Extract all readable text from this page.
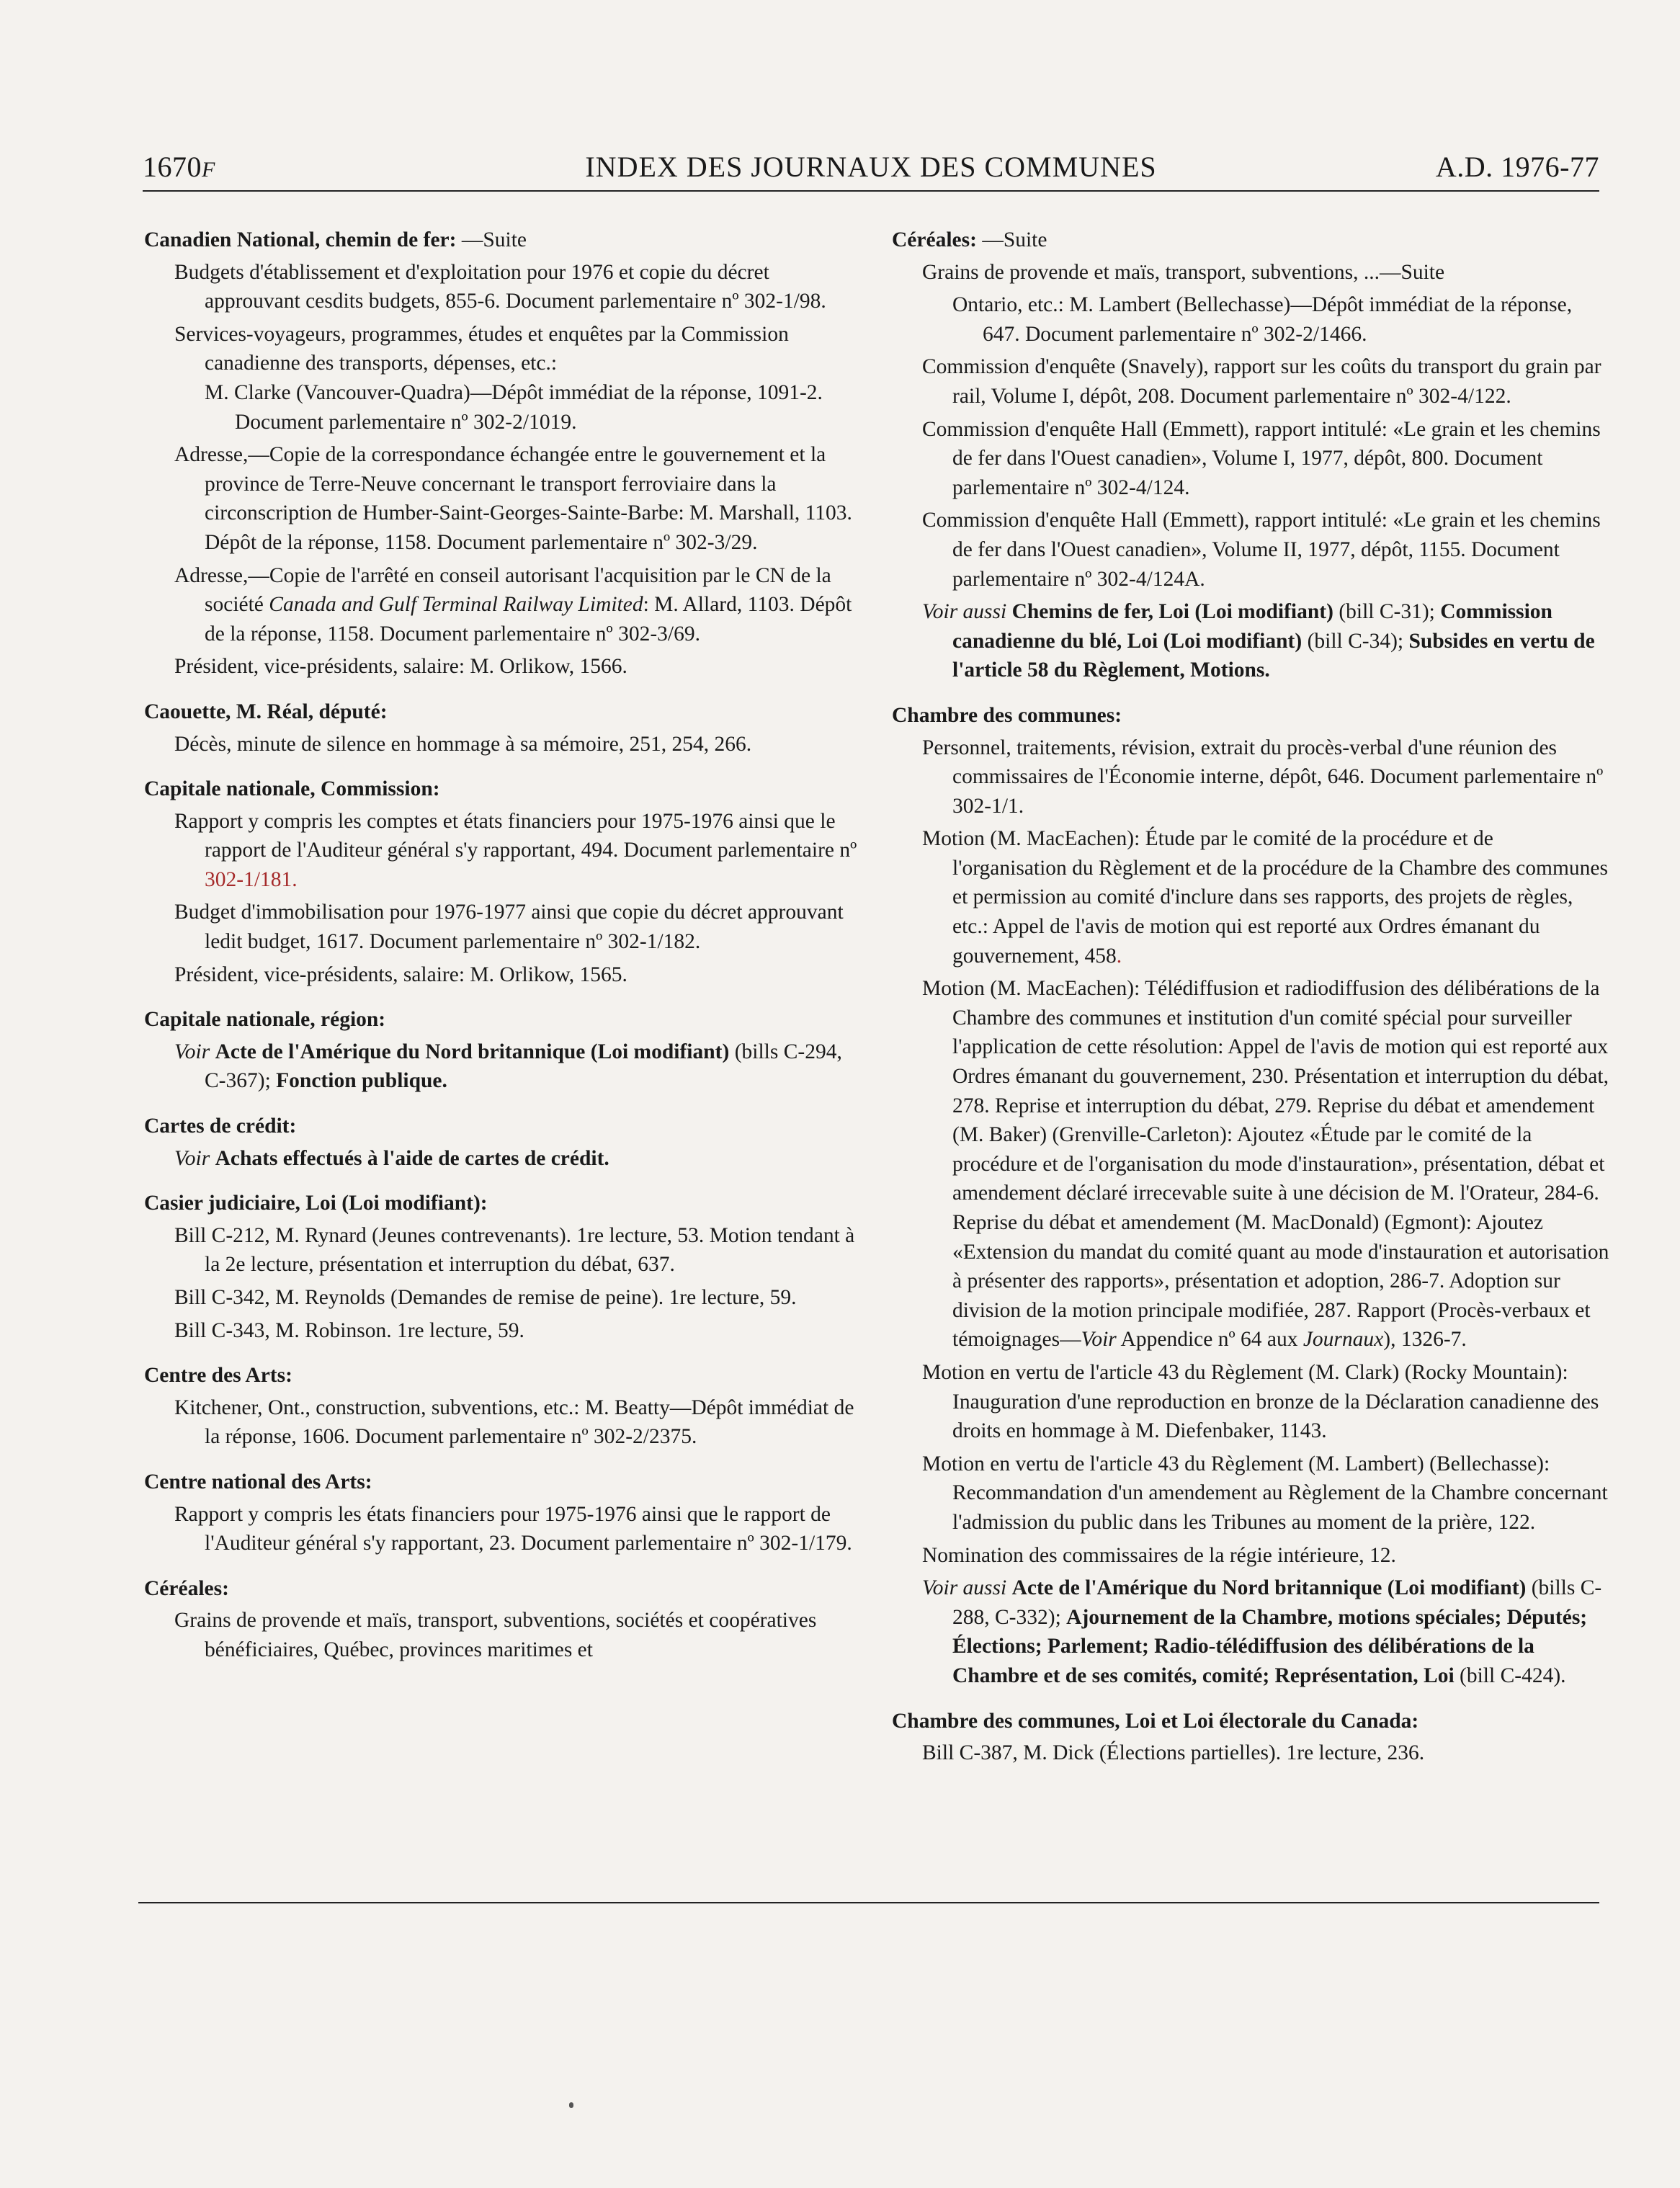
1670F	INDEX DES JOURNAUX DES COMMUNES	A.D. 1976-77
Canadien National, chemin de fer: —Suite
Budgets d'établissement et d'exploitation pour 1976 et copie du décret approuvant cesdits budgets, 855-6. Document parlementaire nº 302-1/98.
Services-voyageurs, programmes, études et enquêtes par la Commission canadienne des transports, dépenses, etc.:
M. Clarke (Vancouver-Quadra)—Dépôt immédiat de la réponse, 1091-2. Document parlementaire nº 302-2/1019.
Adresse,—Copie de la correspondance échangée entre le gouvernement et la province de Terre-Neuve concernant le transport ferroviaire dans la circonscription de Humber-Saint-Georges-Sainte-Barbe: M. Marshall, 1103. Dépôt de la réponse, 1158. Document parlementaire nº 302-3/29.
Adresse,—Copie de l'arrêté en conseil autorisant l'acquisition par le CN de la société Canada and Gulf Terminal Railway Limited: M. Allard, 1103. Dépôt de la réponse, 1158. Document parlementaire nº 302-3/69.
Président, vice-présidents, salaire: M. Orlikow, 1566.
Caouette, M. Réal, député:
Décès, minute de silence en hommage à sa mémoire, 251, 254, 266.
Capitale nationale, Commission:
Rapport y compris les comptes et états financiers pour 1975-1976 ainsi que le rapport de l'Auditeur général s'y rapportant, 494. Document parlementaire nº 302-1/181.
Budget d'immobilisation pour 1976-1977 ainsi que copie du décret approuvant ledit budget, 1617. Document parlementaire nº 302-1/182.
Président, vice-présidents, salaire: M. Orlikow, 1565.
Capitale nationale, région:
Voir Acte de l'Amérique du Nord britannique (Loi modifiant) (bills C-294, C-367); Fonction publique.
Cartes de crédit:
Voir Achats effectués à l'aide de cartes de crédit.
Casier judiciaire, Loi (Loi modifiant):
Bill C-212, M. Rynard (Jeunes contrevenants). 1re lecture, 53. Motion tendant à la 2e lecture, présentation et interruption du débat, 637.
Bill C-342, M. Reynolds (Demandes de remise de peine). 1re lecture, 59.
Bill C-343, M. Robinson. 1re lecture, 59.
Centre des Arts:
Kitchener, Ont., construction, subventions, etc.: M. Beatty—Dépôt immédiat de la réponse, 1606. Document parlementaire nº 302-2/2375.
Centre national des Arts:
Rapport y compris les états financiers pour 1975-1976 ainsi que le rapport de l'Auditeur général s'y rapportant, 23. Document parlementaire nº 302-1/179.
Céréales:
Grains de provende et maïs, transport, subventions, sociétés et coopératives bénéficiaires, Québec, provinces maritimes et
Céréales: —Suite
Grains de provende et maïs, transport, subventions, ...—Suite
Ontario, etc.: M. Lambert (Bellechasse)—Dépôt immédiat de la réponse, 647. Document parlementaire nº 302-2/1466.
Commission d'enquête (Snavely), rapport sur les coûts du transport du grain par rail, Volume I, dépôt, 208. Document parlementaire nº 302-4/122.
Commission d'enquête Hall (Emmett), rapport intitulé: «Le grain et les chemins de fer dans l'Ouest canadien», Volume I, 1977, dépôt, 800. Document parlementaire nº 302-4/124.
Commission d'enquête Hall (Emmett), rapport intitulé: «Le grain et les chemins de fer dans l'Ouest canadien», Volume II, 1977, dépôt, 1155. Document parlementaire nº 302-4/124A.
Voir aussi Chemins de fer, Loi (Loi modifiant) (bill C-31); Commission canadienne du blé, Loi (Loi modifiant) (bill C-34); Subsides en vertu de l'article 58 du Règlement, Motions.
Chambre des communes:
Personnel, traitements, révision, extrait du procès-verbal d'une réunion des commissaires de l'Économie interne, dépôt, 646. Document parlementaire nº 302-1/1.
Motion (M. MacEachen): Étude par le comité de la procédure et de l'organisation du Règlement et de la procédure de la Chambre des communes et permission au comité d'inclure dans ses rapports, des projets de règles, etc.: Appel de l'avis de motion qui est reporté aux Ordres émanant du gouvernement, 458.
Motion (M. MacEachen): Télédiffusion et radiodiffusion des délibérations de la Chambre des communes et institution d'un comité spécial pour surveiller l'application de cette résolution: Appel de l'avis de motion qui est reporté aux Ordres émanant du gouvernement, 230. Présentation et interruption du débat, 278. Reprise et interruption du débat, 279. Reprise du débat et amendement (M. Baker) (Grenville-Carleton): Ajoutez «Étude par le comité de la procédure et de l'organisation du mode d'instauration», présentation, débat et amendement déclaré irrecevable suite à une décision de M. l'Orateur, 284-6. Reprise du débat et amendement (M. MacDonald) (Egmont): Ajoutez «Extension du mandat du comité quant au mode d'instauration et autorisation à présenter des rapports», présentation et adoption, 286-7. Adoption sur division de la motion principale modifiée, 287. Rapport (Procès-verbaux et témoignages—Voir Appendice nº 64 aux Journaux), 1326-7.
Motion en vertu de l'article 43 du Règlement (M. Clark) (Rocky Mountain): Inauguration d'une reproduction en bronze de la Déclaration canadienne des droits en hommage à M. Diefenbaker, 1143.
Motion en vertu de l'article 43 du Règlement (M. Lambert) (Bellechasse): Recommandation d'un amendement au Règlement de la Chambre concernant l'admission du public dans les Tribunes au moment de la prière, 122.
Nomination des commissaires de la régie intérieure, 12.
Voir aussi Acte de l'Amérique du Nord britannique (Loi modifiant) (bills C-288, C-332); Ajournement de la Chambre, motions spéciales; Députés; Élections; Parlement; Radio-télédiffusion des délibérations de la Chambre et de ses comités, comité; Représentation, Loi (bill C-424).
Chambre des communes, Loi et Loi électorale du Canada:
Bill C-387, M. Dick (Élections partielles). 1re lecture, 236.
